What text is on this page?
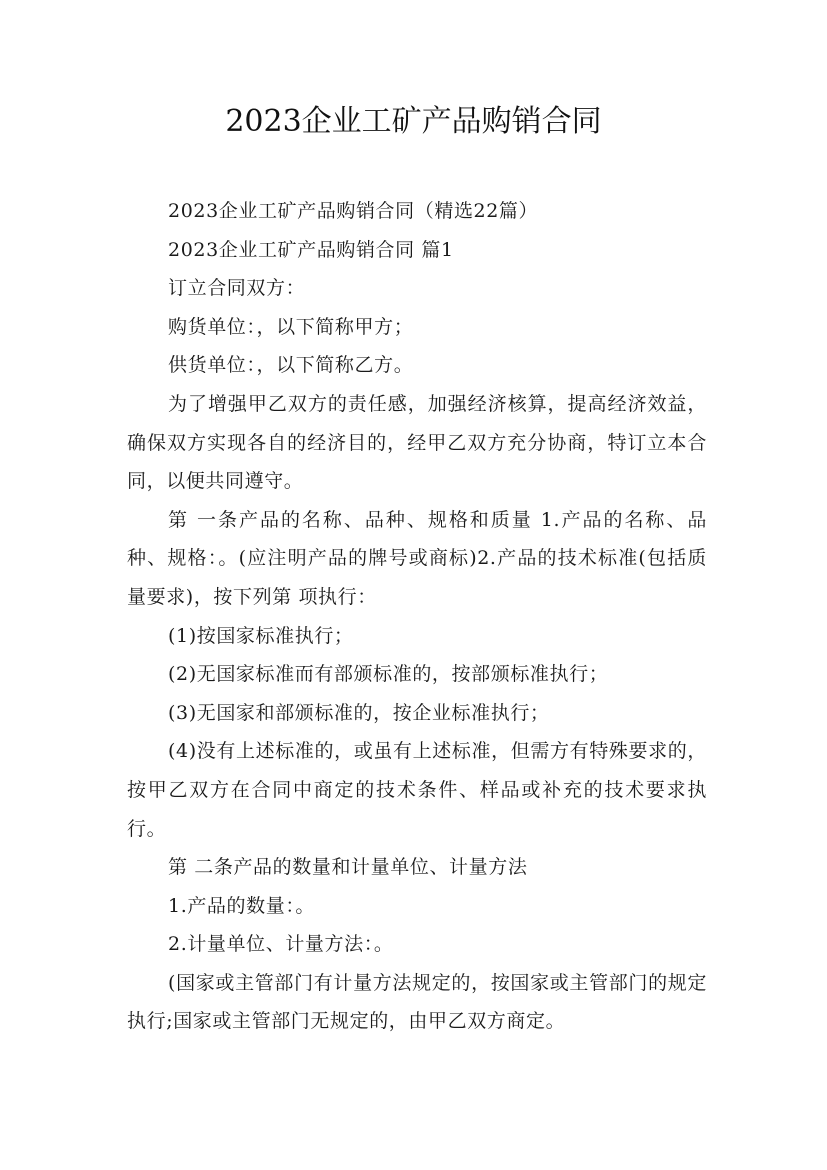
2023企业工矿产品购销合同

2023企业工矿产品购销合同（精选22篇）

2023企业工矿产品购销合同 篇1

订立合同双方：

购货单位：，以下简称甲方；

供货单位：，以下简称乙方。

为了增强甲乙双方的责任感，加强经济核算，提高经济效益，确保双方实现各自的经济目的，经甲乙双方充分协商，特订立本合同，以便共同遵守。

第 一条产品的名称、品种、规格和质量 1.产品的名称、品种、规格：。(应注明产品的牌号或商标)2.产品的技术标准(包括质量要求)，按下列第 项执行：

(1)按国家标准执行；

(2)无国家标准而有部颁标准的，按部颁标准执行；

(3)无国家和部颁标准的，按企业标准执行；

(4)没有上述标准的，或虽有上述标准，但需方有特殊要求的，按甲乙双方在合同中商定的技术条件、样品或补充的技术要求执行。

第 二条产品的数量和计量单位、计量方法

1.产品的数量：。

2.计量单位、计量方法：。

(国家或主管部门有计量方法规定的，按国家或主管部门的规定执行;国家或主管部门无规定的，由甲乙双方商定。
